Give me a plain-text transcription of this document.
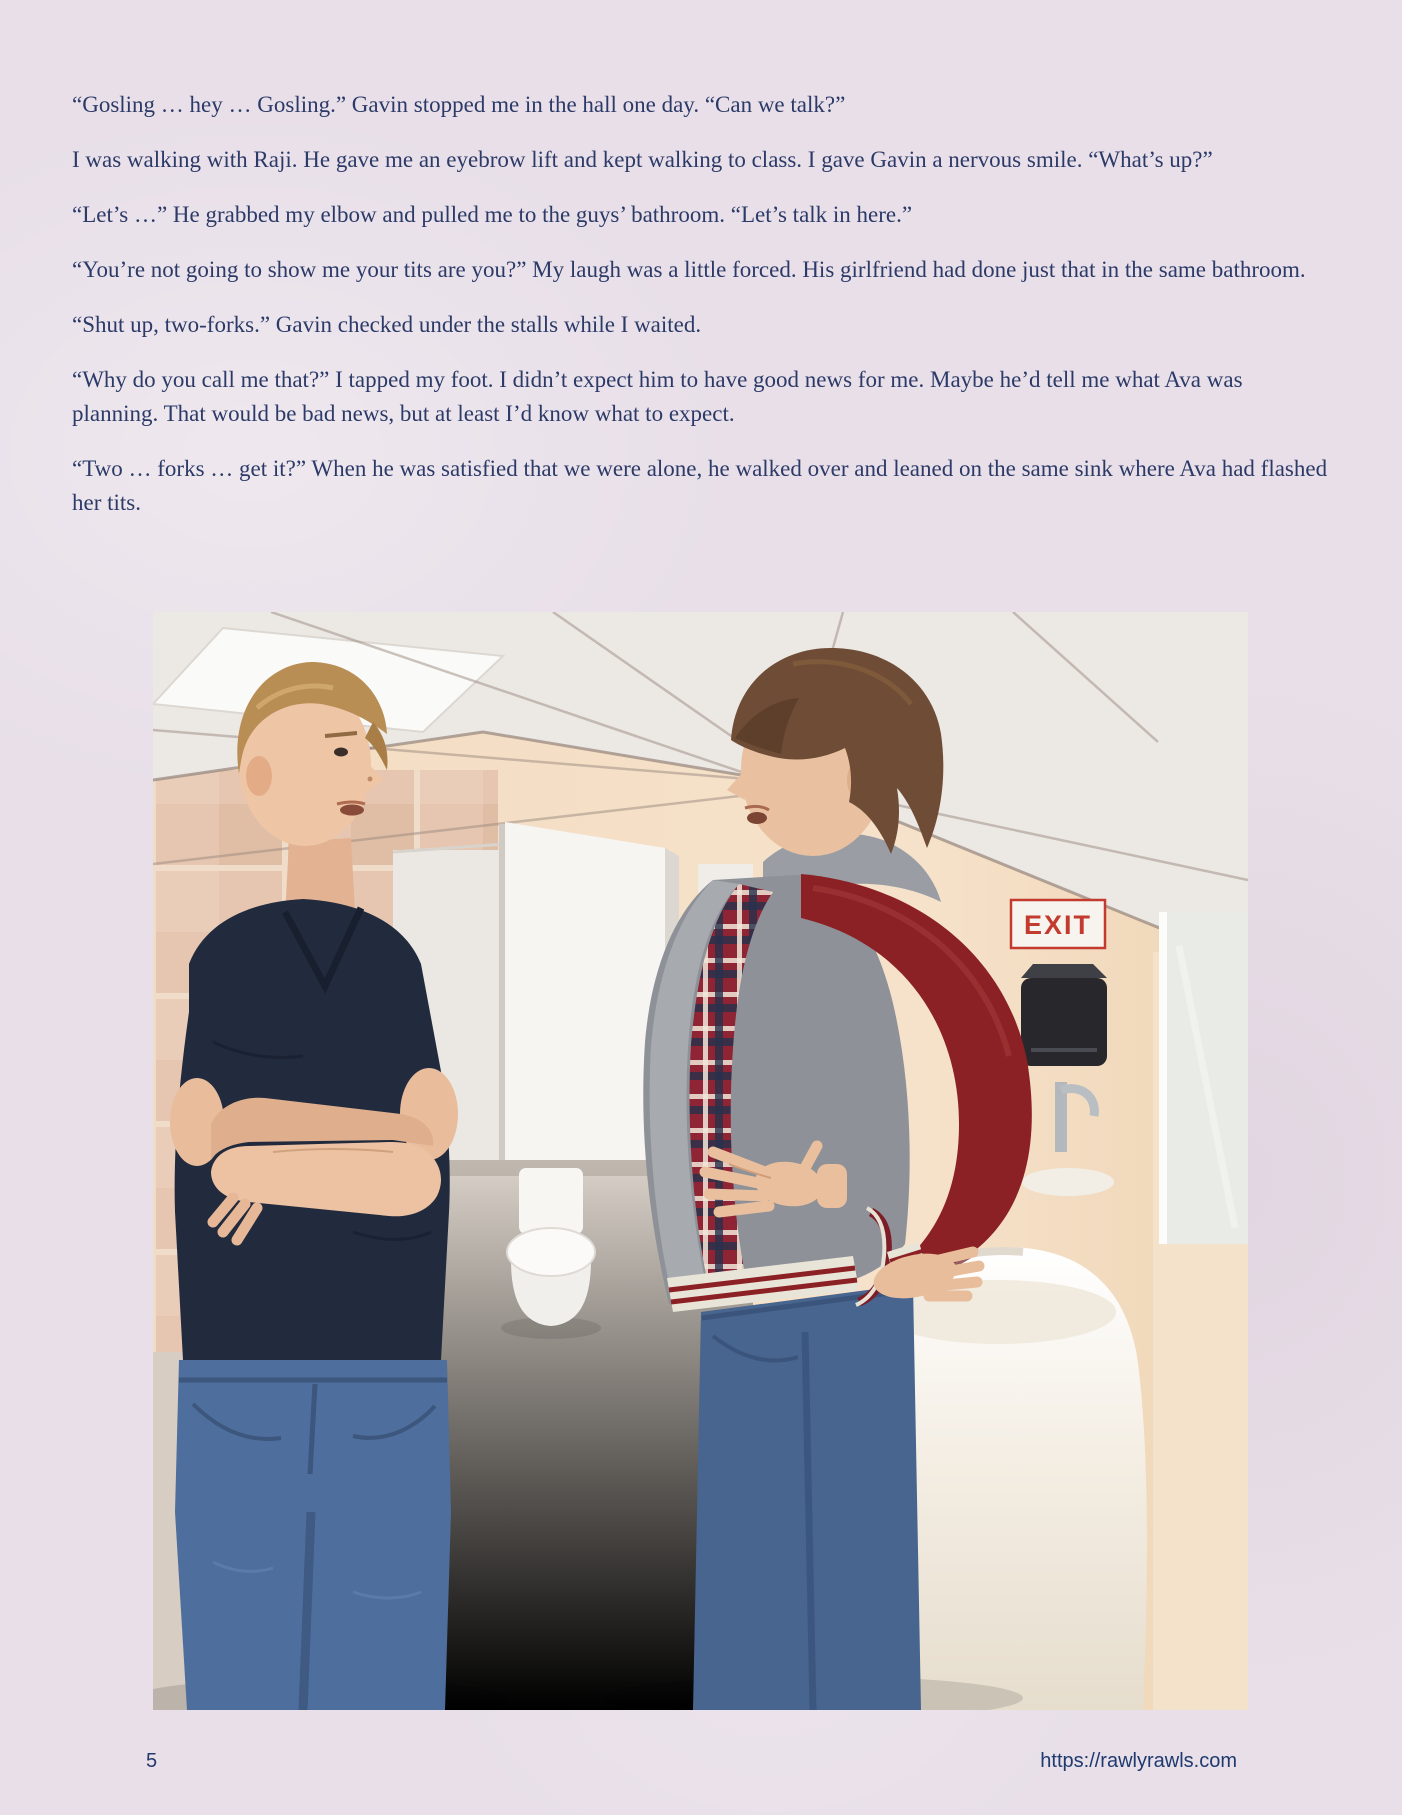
“Gosling … hey … Gosling.” Gavin stopped me in the hall one day. “Can we talk?”

I was walking with Raji. He gave me an eyebrow lift and kept walking to class. I gave Gavin a nervous smile. “What’s up?”

“Let’s …” He grabbed my elbow and pulled me to the guys’ bathroom. “Let’s talk in here.”

“You’re not going to show me your tits are you?” My laugh was a little forced. His girlfriend had done just that in the same bathroom.

“Shut up, two-forks.” Gavin checked under the stalls while I waited.

“Why do you call me that?” I tapped my foot. I didn’t expect him to have good news for me. Maybe he’d tell me what Ava was planning. That would be bad news, but at least I’d know what to expect.

“Two … forks … get it?” When he was satisfied that we were alone, he walked over and leaned on the same sink where Ava had flashed her tits.

EXIT
5	https://rawlyrawls.com
